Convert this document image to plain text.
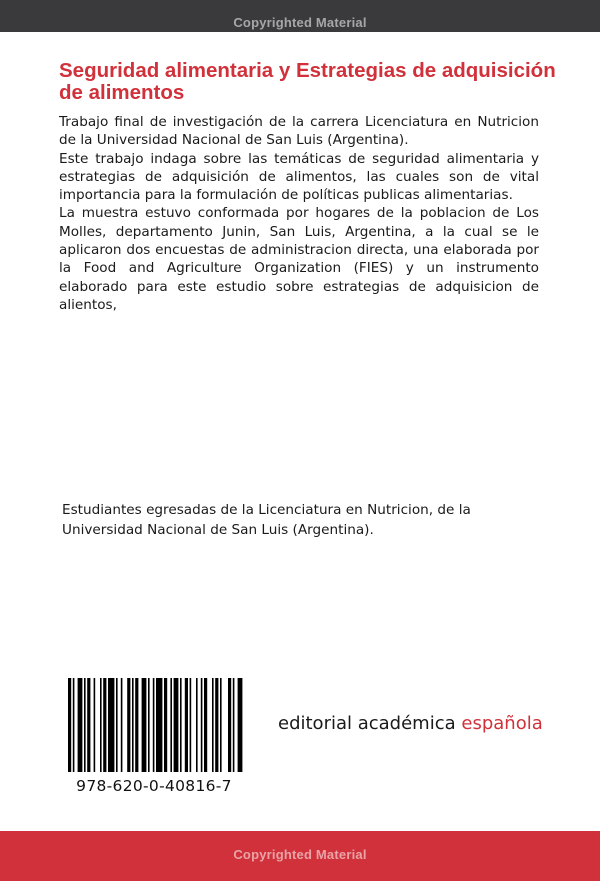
Copyrighted Material
Seguridad alimentaria y Estrategias de adquisición de alimentos

Trabajo final de investigación de la carrera Licenciatura en Nutricion de la Universidad Nacional de San Luis (Argentina).

Este trabajo indaga sobre las temáticas de seguridad alimentaria y estrategias de adquisición de alimentos, las cuales son de vital importancia para la formulación de políticas publicas alimentarias.

La muestra estuvo conformada por hogares de la poblacion de Los Molles, departamento Junin, San Luis, Argentina, a la cual se le aplicaron dos encuestas de administracion directa, una elaborada por la Food and Agriculture Organization (FIES) y un instrumento elaborado para este estudio sobre estrategias de adquisicion de alientos,

Estudiantes egresadas de la Licenciatura en Nutricion, de la Universidad Nacional de San Luis (Argentina).

978-620-0-40816-7
editorial académica española
Copyrighted Material
